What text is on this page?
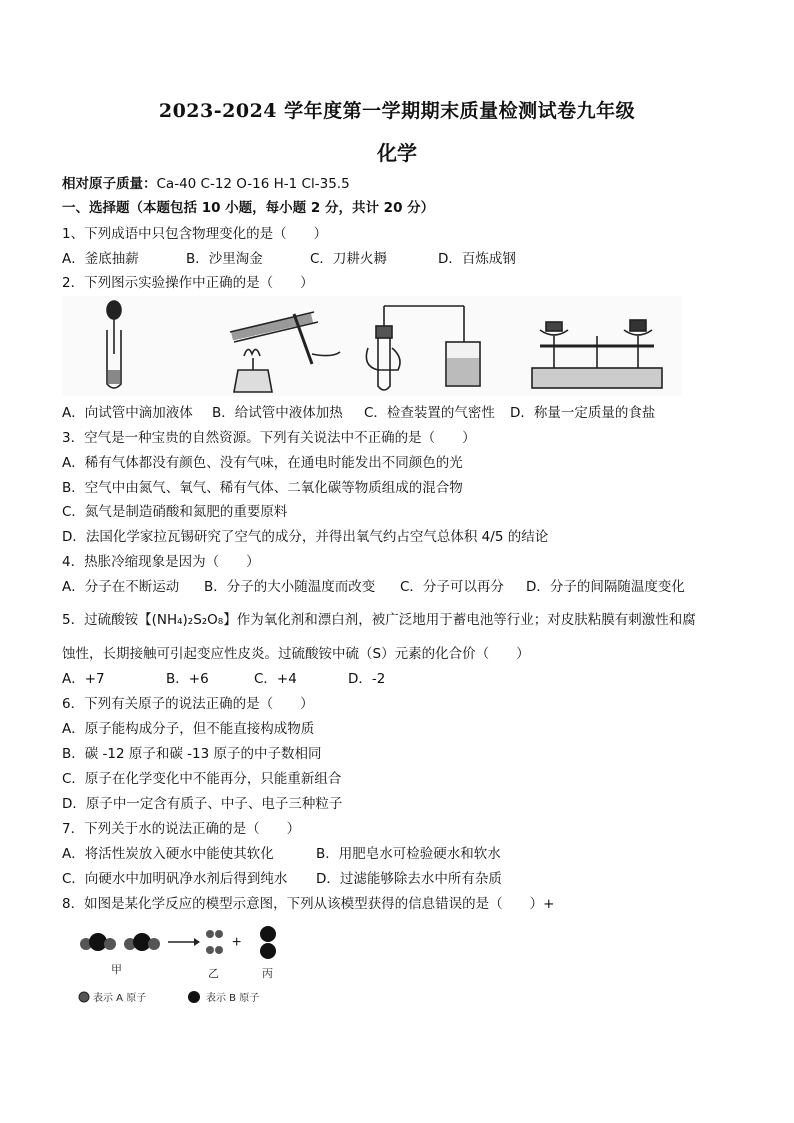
2023-2024 学年度第一学期期末质量检测试卷九年级
化学
相对原子质量：Ca-40 C-12 O-16 H-1 Cl-35.5
一、选择题（本题包括 10 小题，每小题 2 分，共计 20 分）
1、下列成语中只包含物理变化的是（　　）
A．釜底抽薪	B．沙里淘金	C．刀耕火耨	D．百炼成钢
2．下列图示实验操作中正确的是（　　）
A．向试管中滴加液体 B．给试管中液体加热 C．检查装置的气密性 D．称量一定质量的食盐
3．空气是一种宝贵的自然资源。下列有关说法中不正确的是（　　）
A．稀有气体都没有颜色、没有气味，在通电时能发出不同颜色的光
B．空气中由氮气、氧气、稀有气体、二氧化碳等物质组成的混合物
C．氮气是制造硝酸和氮肥的重要原料
D．法国化学家拉瓦锡研究了空气的成分，并得出氧气约占空气总体积 4/5 的结论
4．热胀冷缩现象是因为（　　）
A．分子在不断运动 B．分子的大小随温度而改变 C．分子可以再分 D．分子的间隔随温度变化
5．过硫酸铵【(NH₄)₂S₂O₈】作为氧化剂和漂白剂，被广泛地用于蓄电池等行业；对皮肤粘膜有刺激性和腐
蚀性，长期接触可引起变应性皮炎。过硫酸铵中硫（S）元素的化合价（　　）
A．+7	B．+6	C．+4	D．-2
6．下列有关原子的说法正确的是（　　）
A．原子能构成分子，但不能直接构成物质
B．碳 -12 原子和碳 -13 原子的中子数相同
C．原子在化学变化中不能再分，只能重新组合
D．原子中一定含有质子、中子、电子三种粒子
7．下列关于水的说法正确的是（　　）
A．将活性炭放入硬水中能使其软化	B．用肥皂水可检验硬水和软水
C．向硬水中加明矾净水剂后得到纯水 D．过滤能够除去水中所有杂质
8．如图是某化学反应的模型示意图，下列从该模型获得的信息错误的是（　　）+
+
甲	乙	丙
表示 A 原子	表示 B 原子
